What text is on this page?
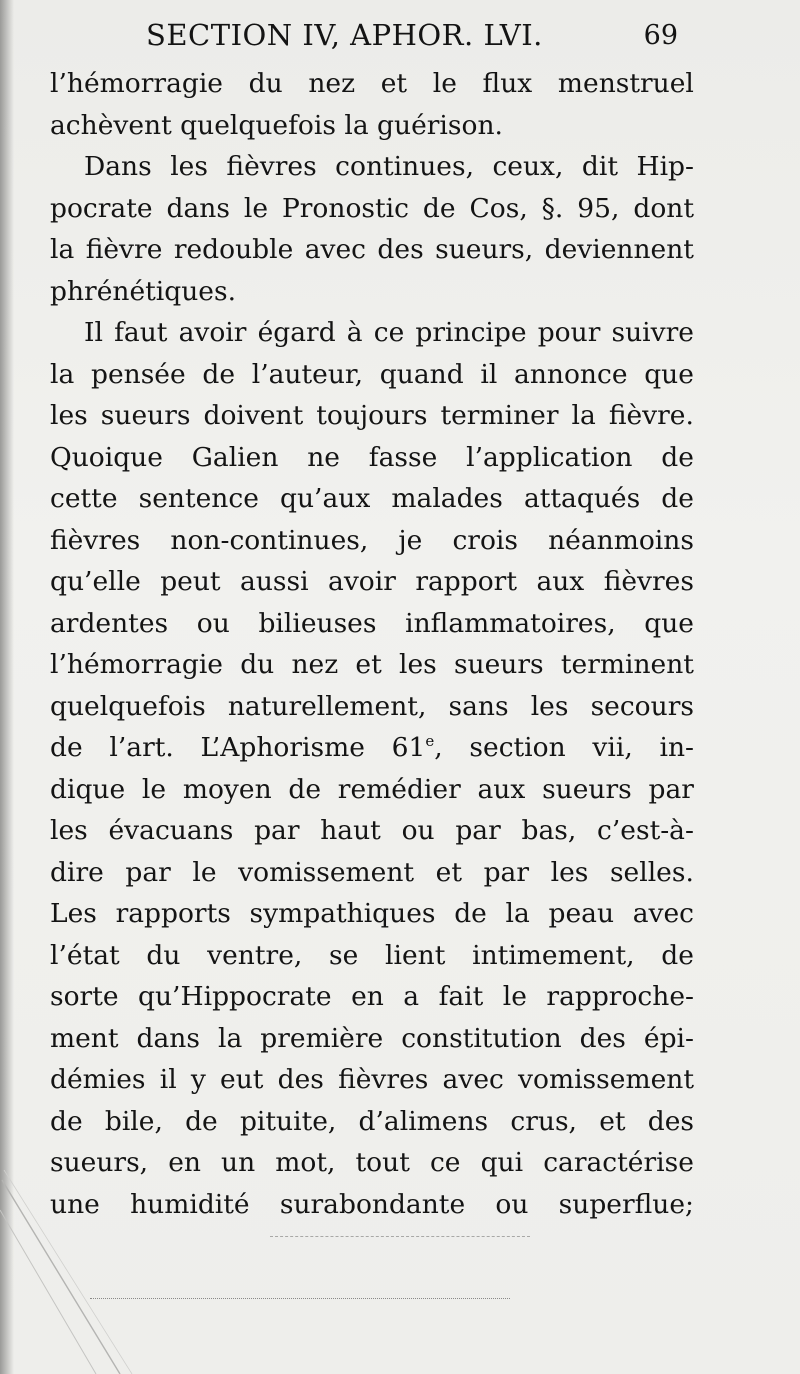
SECTION IV, APHOR. LVI.	69
l’hémorragie du nez et le flux menstruel
achèvent quelquefois la guérison.
Dans les fièvres continues, ceux, dit Hip-
pocrate dans le Pronostic de Cos, §. 95, dont
la fièvre redouble avec des sueurs, deviennent
phrénétiques.
Il faut avoir égard à ce principe pour suivre
la pensée de l’auteur, quand il annonce que
les sueurs doivent toujours terminer la fièvre.
Quoique Galien ne fasse l’application de
cette sentence qu’aux malades attaqués de
fièvres non-continues, je crois néanmoins
qu’elle peut aussi avoir rapport aux fièvres
ardentes ou bilieuses inflammatoires, que
l’hémorragie du nez et les sueurs terminent
quelquefois naturellement, sans les secours
de l’art. L’Aphorisme 61e, section vii, in-
dique le moyen de remédier aux sueurs par
les évacuans par haut ou par bas, c’est-à-
dire par le vomissement et par les selles.
Les rapports sympathiques de la peau avec
l’état du ventre, se lient intimement, de
sorte qu’Hippocrate en a fait le rapproche-
ment dans la première constitution des épi-
démies il y eut des fièvres avec vomissement
de bile, de pituite, d’alimens crus, et des
sueurs, en un mot, tout ce qui caractérise
une humidité surabondante ou superflue;
